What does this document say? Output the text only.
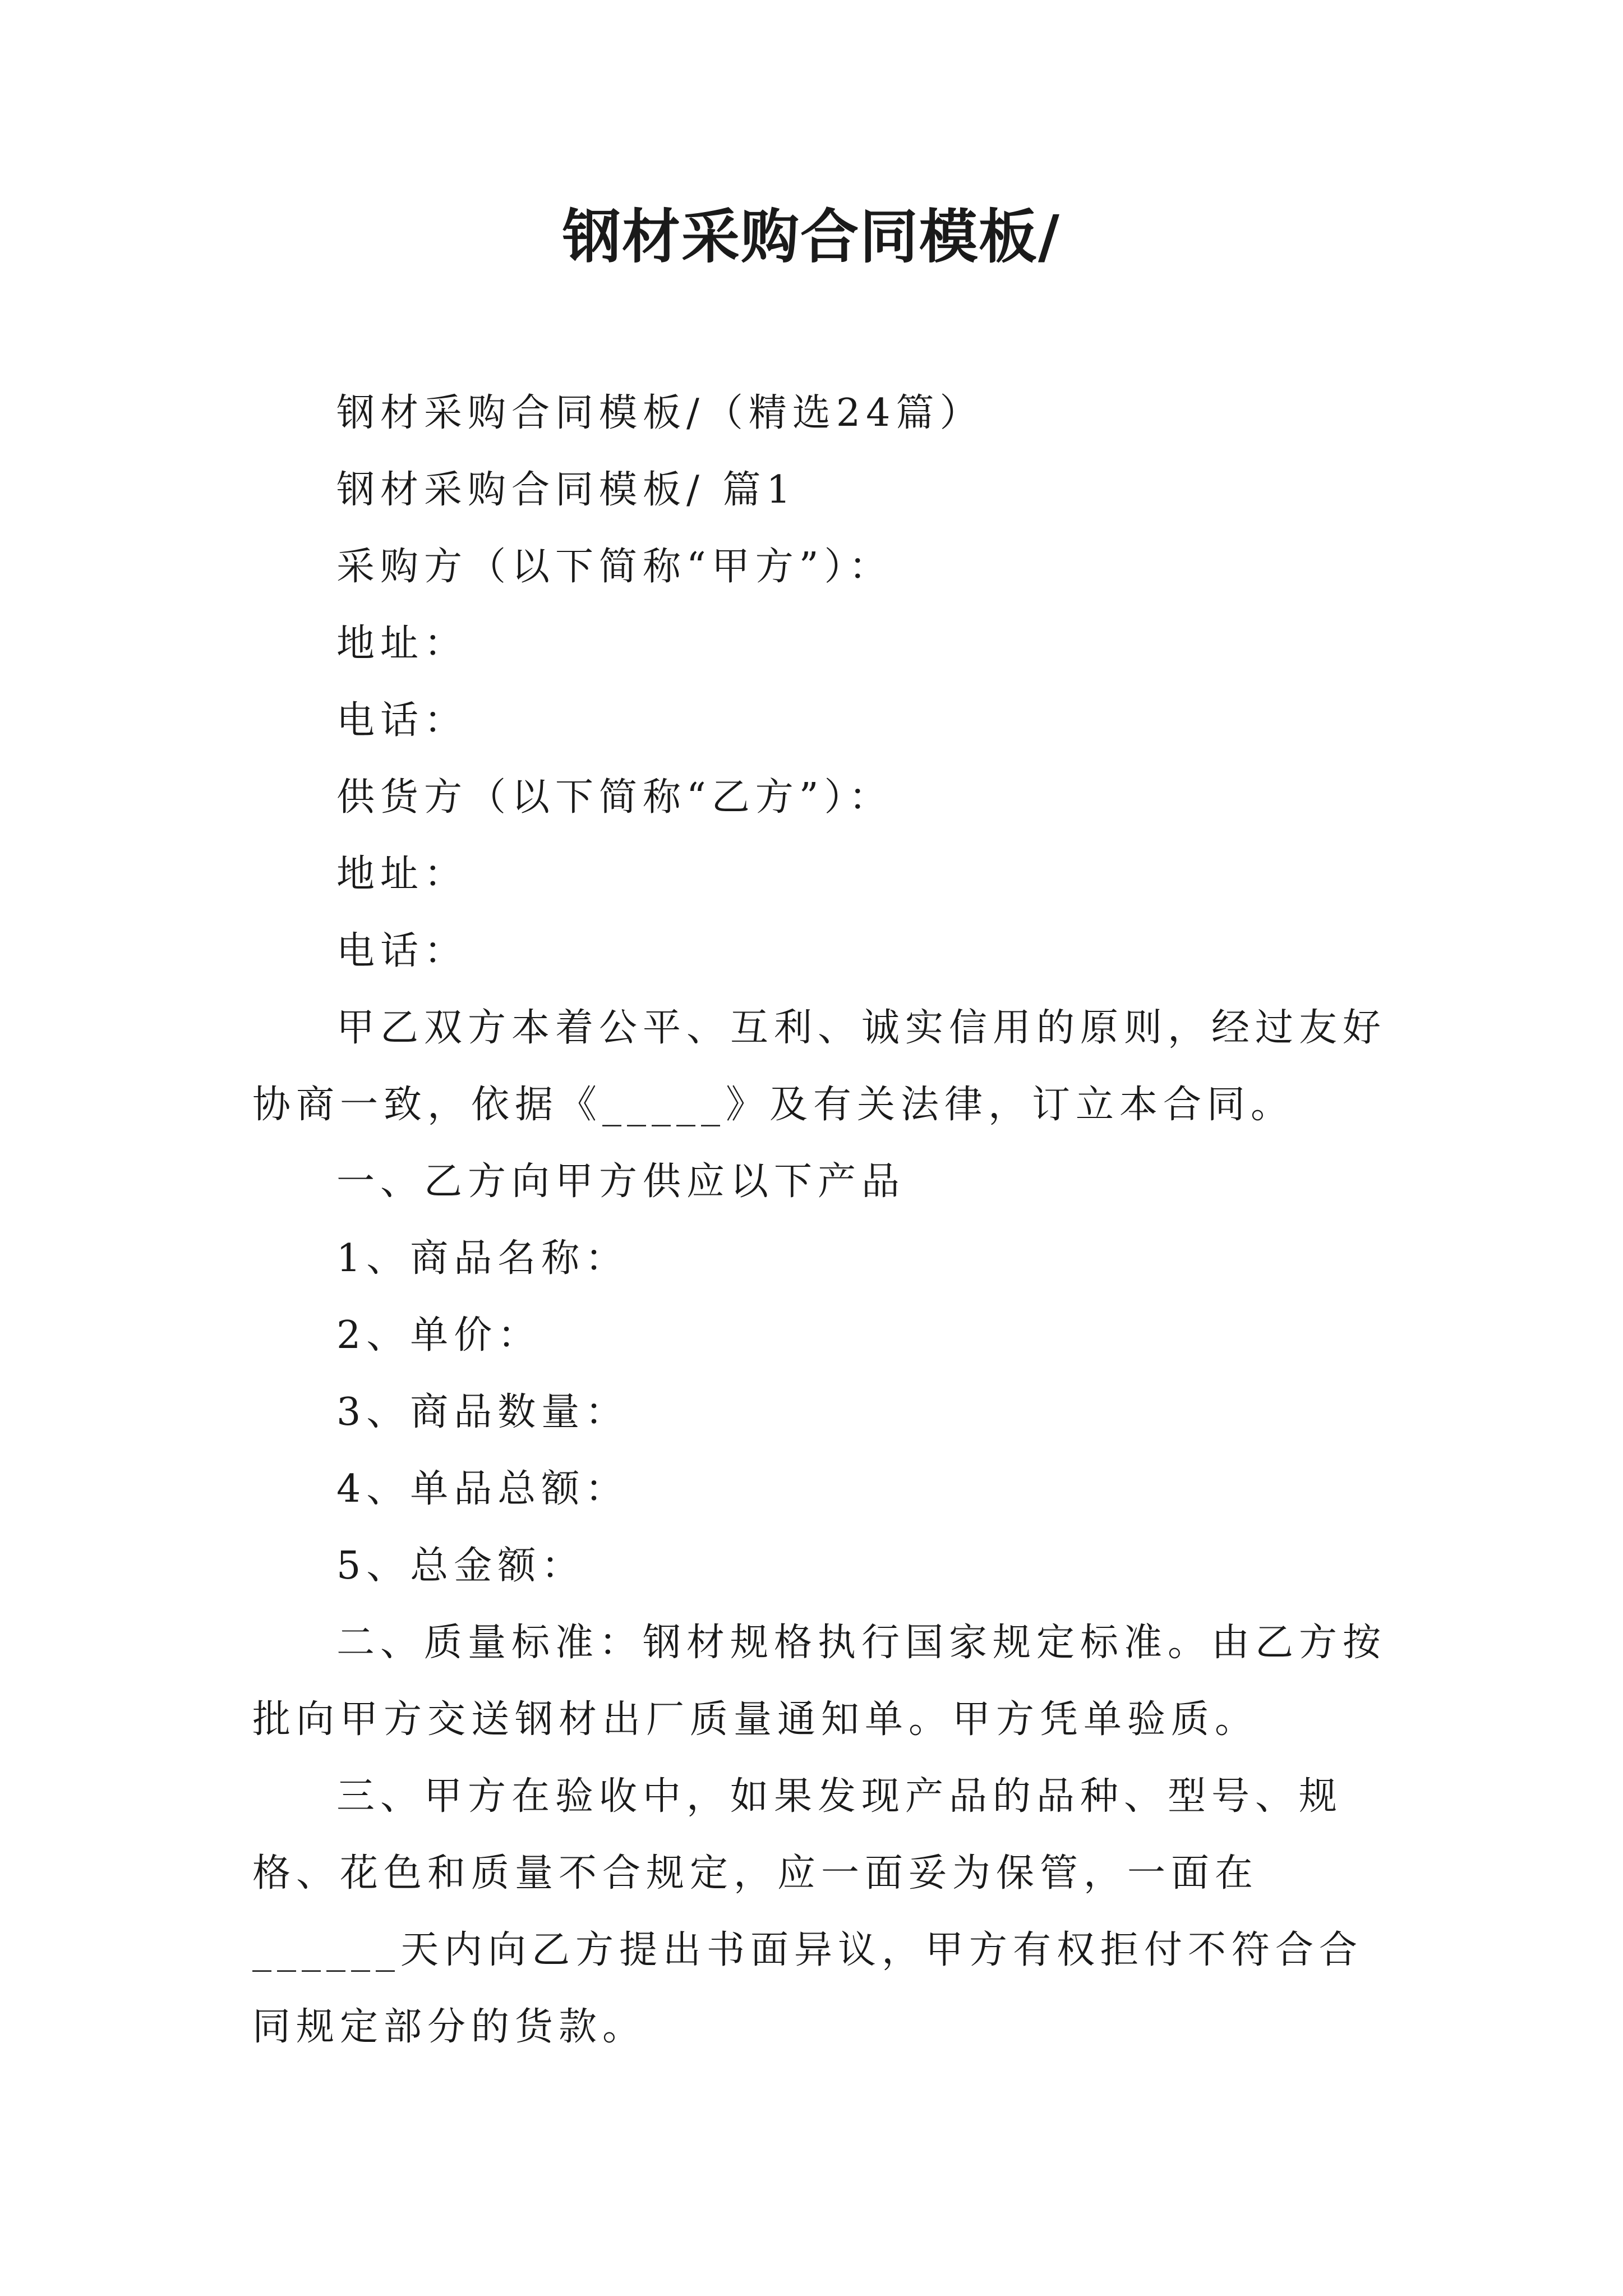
钢材采购合同模板/

钢材采购合同模板/（精选24篇）

钢材采购合同模板/ 篇1

采购方（以下简称“甲方”）：

地址：

电话：

供货方（以下简称“乙方”）：

地址：

电话：

甲乙双方本着公平、互利、诚实信用的原则，经过友好协商一致，依据《_____》及有关法律，订立本合同。

一、乙方向甲方供应以下产品

1、商品名称：

2、单价：

3、商品数量：

4、单品总额：

5、总金额：

二、质量标准：钢材规格执行国家规定标准。由乙方按批向甲方交送钢材出厂质量通知单。甲方凭单验质。

三、甲方在验收中，如果发现产品的品种、型号、规格、花色和质量不合规定，应一面妥为保管，一面在______天内向乙方提出书面异议，甲方有权拒付不符合合同规定部分的货款。
